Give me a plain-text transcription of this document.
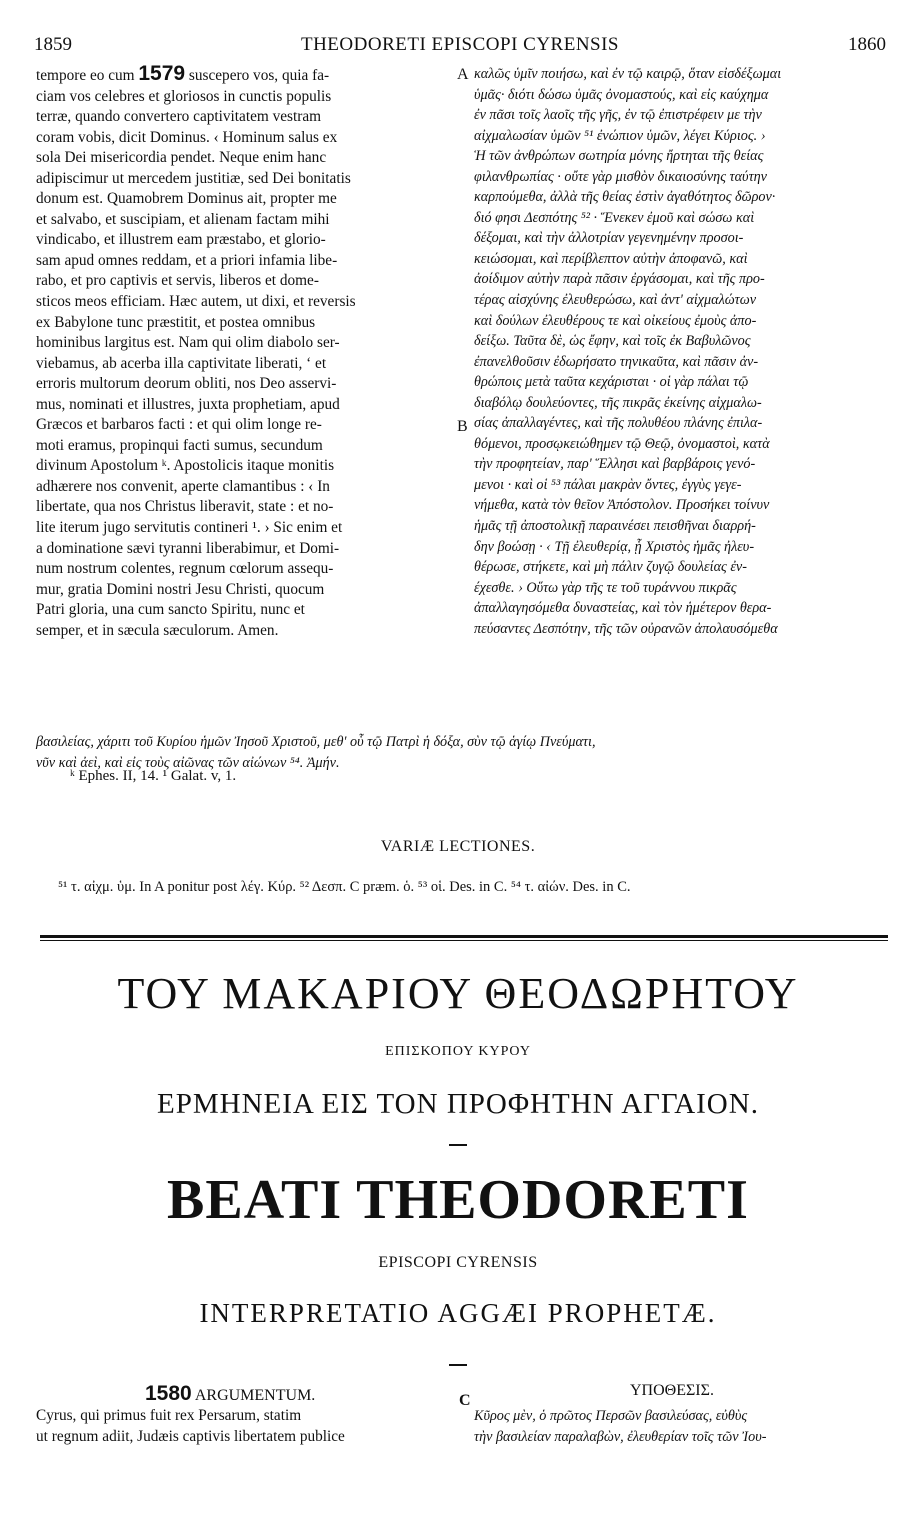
1859	THEODORETI EPISCOPI CYRENSIS	1860
A
B
C

tempore eo cum 1579 suscepero vos, quia fa-

ciam vos celebres et gloriosos in cunctis populis

terræ, quando convertero captivitatem vestram

coram vobis, dicit Dominus. ‹ Hominum salus ex

sola Dei misericordia pendet. Neque enim hanc

adipiscimur ut mercedem justitiæ, sed Dei bonitatis

donum est. Quamobrem Dominus ait, propter me

et salvabo, et suscipiam, et alienam factam mihi

vindicabo, et illustrem eam præstabo, et glorio-

sam apud omnes reddam, et a priori infamia libe-

rabo, et pro captivis et servis, liberos et dome-

sticos meos efficiam. Hæc autem, ut dixi, et reversis

ex Babylone tunc præstitit, et postea omnibus

hominibus largitus est. Nam qui olim diabolo ser-

viebamus, ab acerba illa captivitate liberati, ‘ et

erroris multorum deorum obliti, nos Deo asservi-

mus, nominati et illustres, juxta prophetiam, apud

Græcos et barbaros facti : et qui olim longe re-

moti eramus, propinqui facti sumus, secundum

divinum Apostolum ᵏ. Apostolicis itaque monitis

adhærere nos convenit, aperte clamantibus : ‹ In

libertate, qua nos Christus liberavit, state : et no-

lite iterum jugo servitutis contineri ¹. › Sic enim et

a dominatione sævi tyranni liberabimur, et Domi-

num nostrum colentes, regnum cœlorum assequ-

mur, gratia Domini nostri Jesu Christi, quocum

Patri gloria, una cum sancto Spiritu, nunc et

semper, et in sæcula sæculorum. Amen.

καλῶς ὑμῖν ποιήσω, καὶ ἐν τῷ καιρῷ, ὅταν εἰσδέξωμαι

ὑμᾶς· διότι δώσω ὑμᾶς ὀνομαστούς, καὶ εἰς καύχημα

ἐν πᾶσι τοῖς λαοῖς τῆς γῆς, ἐν τῷ ἐπιστρέφειν με τὴν

αἰχμαλωσίαν ὑμῶν ⁵¹ ἐνώπιον ὑμῶν, λέγει Κύριος. ›

Ἡ τῶν ἀνθρώπων σωτηρία μόνης ἤρτηται τῆς θείας

φιλανθρωπίας · οὔτε γὰρ μισθὸν δικαιοσύνης ταύτην

καρπούμεθα, ἀλλὰ τῆς θείας ἐστὶν ἀγαθότητος δῶρον·

διό φησι Δεσπότης ⁵² · Ἕνεκεν ἐμοῦ καὶ σώσω καὶ

δέξομαι, καὶ τὴν ἀλλοτρίαν γεγενημένην προσοι-

κειώσομαι, καὶ περίβλεπτον αὐτὴν ἀποφανῶ, καὶ

ἀοίδιμον αὐτὴν παρὰ πᾶσιν ἐργάσομαι, καὶ τῆς προ-

τέρας αἰσχύνης ἐλευθερώσω, καὶ ἀντ' αἰχμαλώτων

καὶ δούλων ἐλευθέρους τε καὶ οἰκείους ἐμοὺς ἀπο-

δείξω. Ταῦτα δὲ, ὡς ἔφην, καὶ τοῖς ἐκ Βαβυλῶνος

ἐπανελθοῦσιν ἐδωρήσατο τηνικαῦτα, καὶ πᾶσιν ἀν-

θρώποις μετὰ ταῦτα κεχάρισται · οἱ γὰρ πάλαι τῷ

διαβόλῳ δουλεύοντες, τῆς πικρᾶς ἐκείνης αἰχμαλω-

σίας ἀπαλλαγέντες, καὶ τῆς πολυθέου πλάνης ἐπιλα-

θόμενοι, προσῳκειώθημεν τῷ Θεῷ, ὀνομαστοὶ, κατὰ

τὴν προφητείαν, παρ' Ἕλλησι καὶ βαρβάροις γενό-

μενοι · καὶ οἱ ⁵³ πάλαι μακρὰν ὄντες, ἐγγὺς γεγε-

νήμεθα, κατὰ τὸν θεῖον Ἀπόστολον. Προσήκει τοίνυν

ἡμᾶς τῇ ἀποστολικῇ παραινέσει πεισθῆναι διαρρή-

δην βοώσῃ · ‹ Τῇ ἐλευθερίᾳ, ᾗ Χριστὸς ἡμᾶς ἠλευ-

θέρωσε, στήκετε, καὶ μὴ πάλιν ζυγῷ δουλείας ἐν-

έχεσθε. › Οὕτω γὰρ τῆς τε τοῦ τυράννου πικρᾶς

ἀπαλλαγησόμεθα δυναστείας, καὶ τὸν ἡμέτερον θερα-

πεύσαντες Δεσπότην, τῆς τῶν οὐρανῶν ἀπολαυσόμεθα

βασιλείας, χάριτι τοῦ Κυρίου ἡμῶν Ἰησοῦ Χριστοῦ, μεθ' οὗ τῷ Πατρὶ ἡ δόξα, σὺν τῷ ἁγίῳ Πνεύματι,
νῦν καὶ ἀεὶ, καὶ εἰς τοὺς αἰῶνας τῶν αἰώνων ⁵⁴. Ἀμήν.
ᵏ Ephes. II, 14. ¹ Galat. v, 1.
VARIÆ LECTIONES.
⁵¹ τ. αἰχμ. ὑμ. In A ponitur post λέγ. Κύρ. ⁵² Δεσπ. C præm. ὁ. ⁵³ οἱ. Des. in C. ⁵⁴ τ. αἰών. Des. in C.
ΤΟΥ ΜΑΚΑΡΙΟΥ ΘΕΟΔΩΡΗΤΟΥ
ΕΠΙΣΚΟΠΟΥ ΚΥΡΟΥ
ΕΡΜΗΝΕΙΑ ΕΙΣ ΤΟΝ ΠΡΟΦΗΤΗΝ ΑΓΓΑΙΟΝ.
BEATI THEODORETI
EPISCOPI CYRENSIS
INTERPRETATIO AGGÆI PROPHETÆ.
1580 ARGUMENTUM.	ΥΠΟΘΕΣΙΣ.
Cyrus, qui primus fuit rex Persarum, statim
ut regnum adiit, Judæis captivis libertatem publice
Κῦρος μὲν, ὁ πρῶτος Περσῶν βασιλεύσας, εὐθὺς
τὴν βασιλείαν παραλαβὼν, ἐλευθερίαν τοῖς τῶν Ἰου-
